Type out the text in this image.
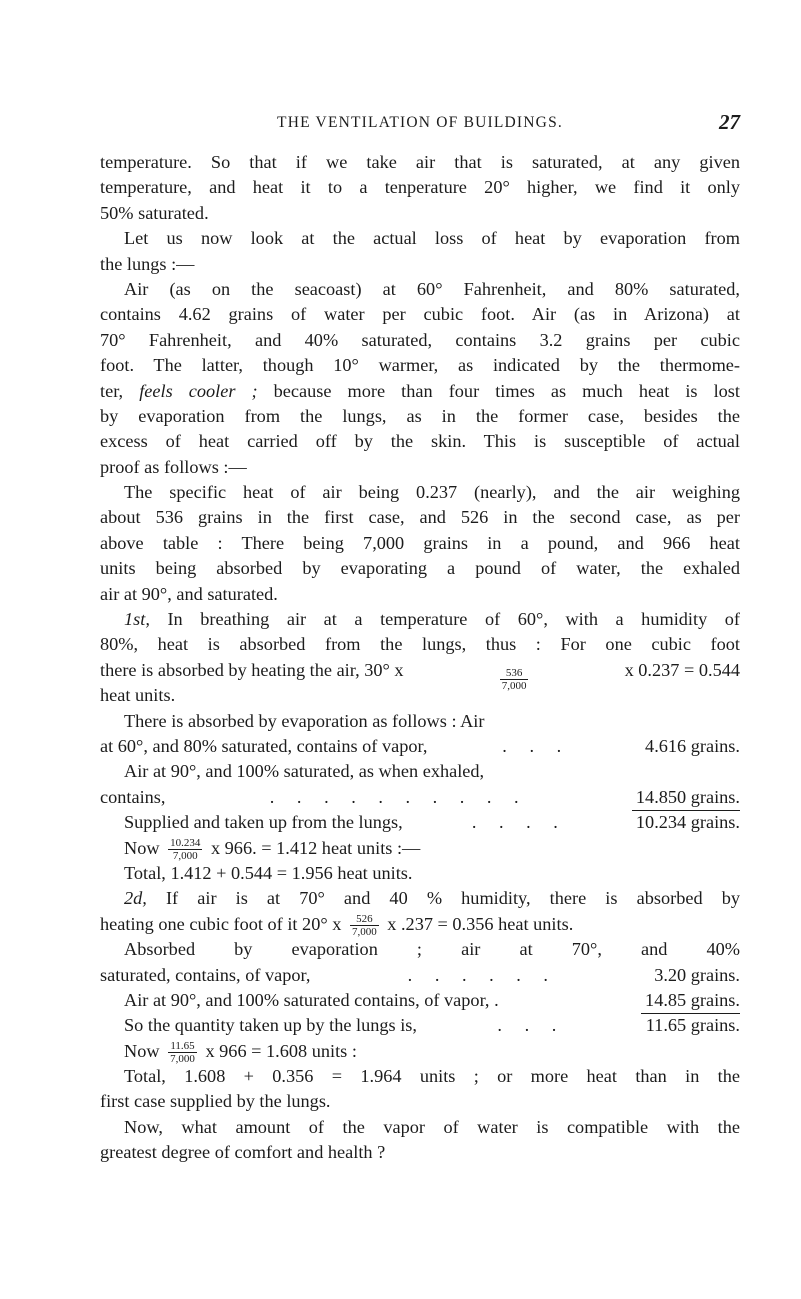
THE VENTILATION OF BUILDINGS.	27
temperature. So that if we take air that is saturated, at any given
temperature, and heat it to a tenperature 20° higher, we find it only
50% saturated.
Let us now look at the actual loss of heat by evaporation from
the lungs :—
Air (as on the seacoast) at 60° Fahrenheit, and 80% saturated,
contains 4.62 grains of water per cubic foot. Air (as in Arizona) at
70° Fahrenheit, and 40% saturated, contains 3.2 grains per cubic
foot. The latter, though 10° warmer, as indicated by the thermome-
ter, feels cooler ; because more than four times as much heat is lost
by evaporation from the lungs, as in the former case, besides the
excess of heat carried off by the skin. This is susceptible of actual
proof as follows :—
The specific heat of air being 0.237 (nearly), and the air weighing
about 536 grains in the first case, and 526 in the second case, as per
above table : There being 7,000 grains in a pound, and 966 heat
units being absorbed by evaporating a pound of water, the exhaled
air at 90°, and saturated.
1st, In breathing air at a temperature of 60°, with a humidity of
80%, heat is absorbed from the lungs, thus : For one cubic foot
there is absorbed by heating the air, 30° x	$\frac{536}{7,000}$	x 0.237 = 0.544
heat units.
There is absorbed by evaporation as follows : Air
at 60°, and 80% saturated, contains of vapor,	. . .	4.616 grains.
Air at 90°, and 100% saturated, as when exhaled,
contains,	. . . . . . . . . .	14.850 grains.
Supplied and taken up from the lungs,	. . . .	10.234 grains.
Now $\frac{10.234}{7,000}$ x 966. = 1.412 heat units :—
Total, 1.412 + 0.544 = 1.956 heat units.
2d, If air is at 70° and 40 % humidity, there is absorbed by
heating one cubic foot of it 20° x $\frac{526}{7,000}$ x .237 = 0.356 heat units.
Absorbed by evaporation ; air at 70°, and 40%
saturated, contains, of vapor,	. . . . . .	3.20 grains.
Air at 90°, and 100% saturated contains, of vapor, .	14.85 grains.
So the quantity taken up by the lungs is,	. . .	11.65 grains.
Now $\frac{11.65}{7,000}$ x 966 = 1.608 units :
Total, 1.608 + 0.356 = 1.964 units ; or more heat than in the
first case supplied by the lungs.
Now, what amount of the vapor of water is compatible with the
greatest degree of comfort and health ?
